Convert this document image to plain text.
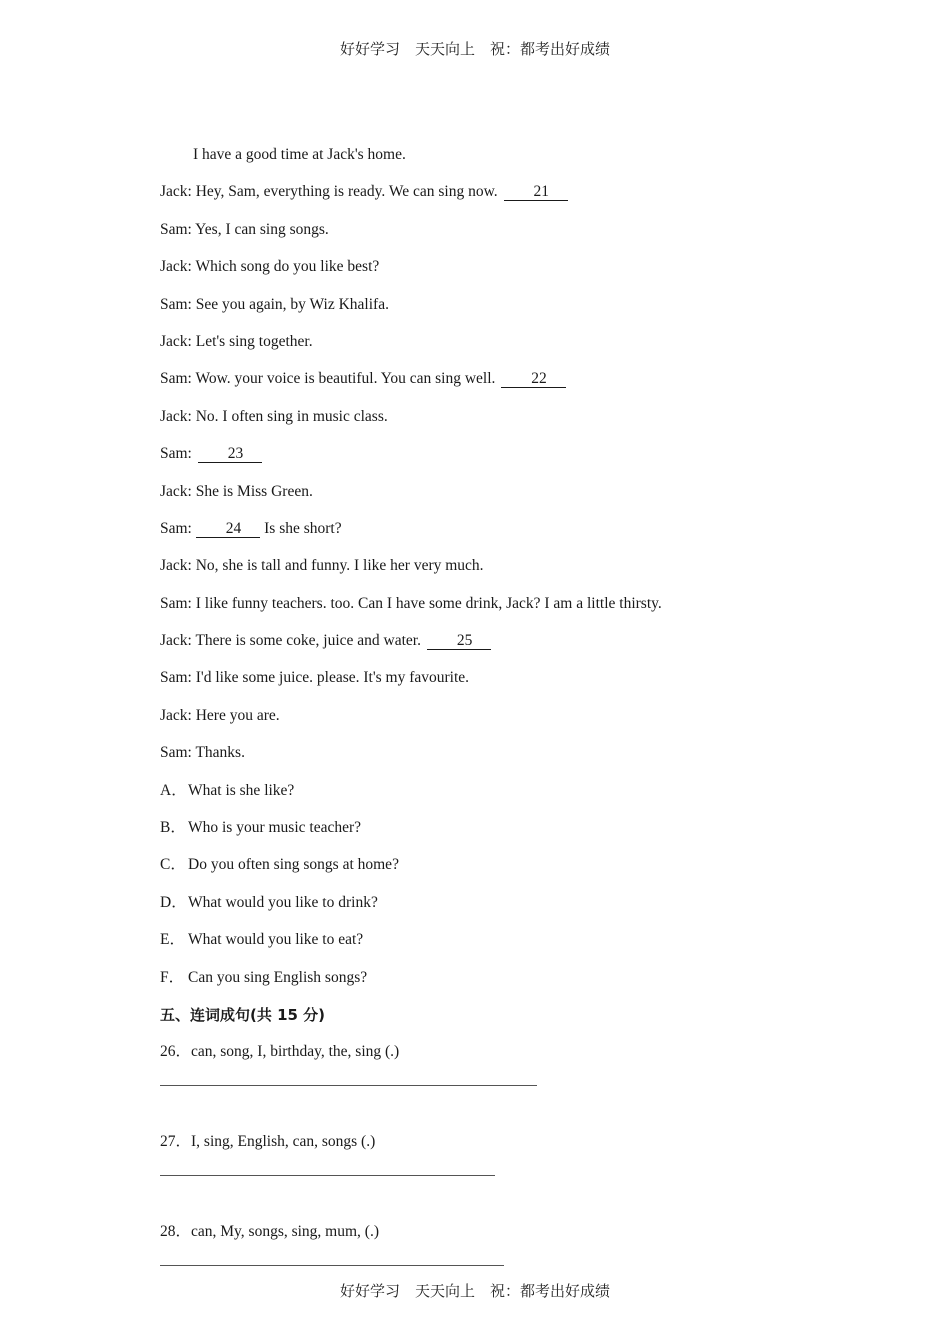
好好学习　天天向上　祝：都考出好成绩
I have a good time at Jack's home.
Jack: Hey, Sam, everything is ready. We can sing now. 21
Sam: Yes, I can sing songs.
Jack: Which song do you like best?
Sam: See you again, by Wiz Khalifa.
Jack: Let's sing together.
Sam: Wow. your voice is beautiful. You can sing well. 22
Jack: No. I often sing in music class.
Sam: 23
Jack: She is Miss Green.
Sam: 24 Is she short?
Jack: No, she is tall and funny. I like her very much.
Sam: I like funny teachers. too. Can I have some drink, Jack? I am a little thirsty.
Jack: There is some coke, juice and water. 25
Sam: I'd like some juice. please. It's my favourite.
Jack: Here you are.
Sam: Thanks.
A．What is she like?
B． Who is your music teacher?
C． Do you often sing songs at home?
D．What would you like to drink?
E． What would you like to eat?
F． Can you sing English songs?
五、连词成句(共 15 分)
26．can, song, I, birthday, the, sing (.)
27．I, sing, English, can, songs (.)
28．can, My, songs, sing, mum, (.)
好好学习　天天向上　祝：都考出好成绩
